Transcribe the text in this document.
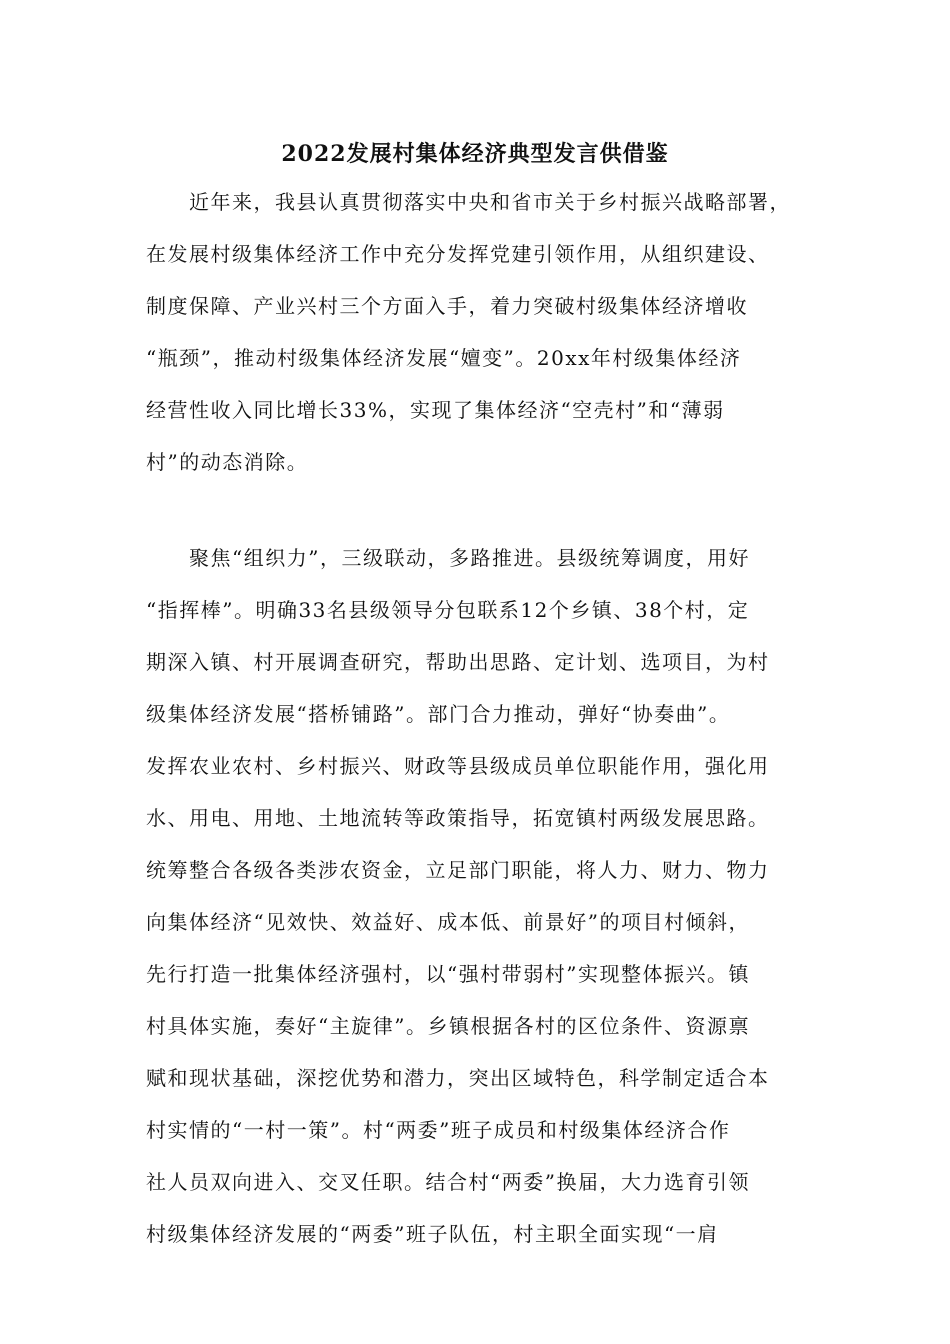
2022发展村集体经济典型发言供借鉴
　　近年来，我县认真贯彻落实中央和省市关于乡村振兴战略部署，
在发展村级集体经济工作中充分发挥党建引领作用，从组织建设、
制度保障、产业兴村三个方面入手，着力突破村级集体经济增收
“瓶颈”，推动村级集体经济发展“嬗变”。20xx年村级集体经济
经营性收入同比增长33%，实现了集体经济“空壳村”和“薄弱
村”的动态消除。
　　聚焦“组织力”，三级联动，多路推进。县级统筹调度，用好
“指挥棒”。明确33名县级领导分包联系12个乡镇、38个村，定
期深入镇、村开展调查研究，帮助出思路、定计划、选项目，为村
级集体经济发展“搭桥铺路”。部门合力推动，弹好“协奏曲”。
发挥农业农村、乡村振兴、财政等县级成员单位职能作用，强化用
水、用电、用地、土地流转等政策指导，拓宽镇村两级发展思路。
统筹整合各级各类涉农资金，立足部门职能，将人力、财力、物力
向集体经济“见效快、效益好、成本低、前景好”的项目村倾斜，
先行打造一批集体经济强村，以“强村带弱村”实现整体振兴。镇
村具体实施，奏好“主旋律”。乡镇根据各村的区位条件、资源禀
赋和现状基础，深挖优势和潜力，突出区域特色，科学制定适合本
村实情的“一村一策”。村“两委”班子成员和村级集体经济合作
社人员双向进入、交叉任职。结合村“两委”换届，大力选育引领
村级集体经济发展的“两委”班子队伍，村主职全面实现“一肩
